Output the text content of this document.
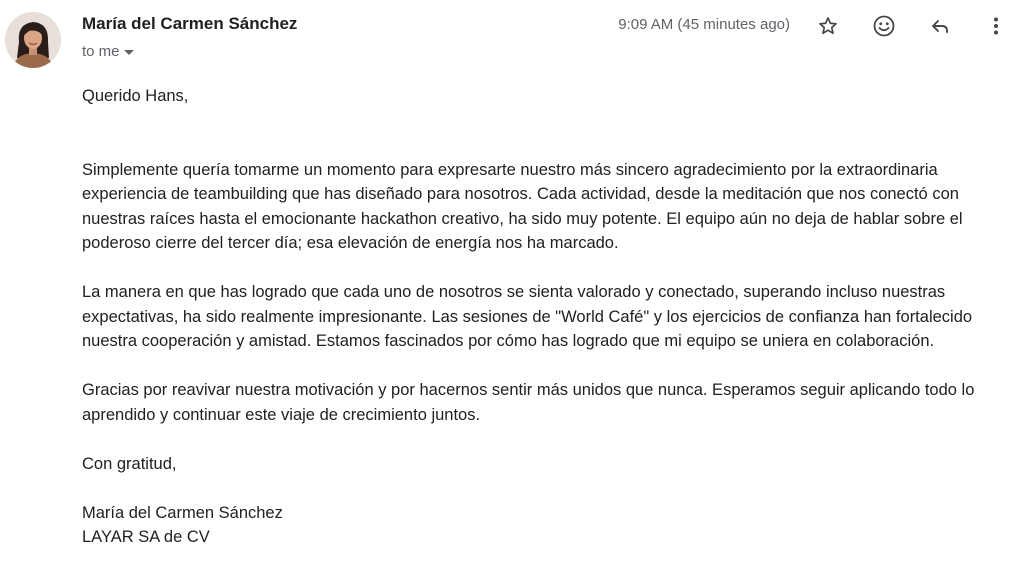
María del Carmen Sánchez
to me
9:09 AM (45 minutes ago)

Querido Hans,

Simplemente quería tomarme un momento para expresarte nuestro más sincero agradecimiento por la extraordinaria experiencia de teambuilding que has diseñado para nosotros. Cada actividad, desde la meditación que nos conectó con nuestras raíces hasta el emocionante hackathon creativo, ha sido muy potente. El equipo aún no deja de hablar sobre el poderoso cierre del tercer día; esa elevación de energía nos ha marcado.

La manera en que has logrado que cada uno de nosotros se sienta valorado y conectado, superando incluso nuestras expectativas, ha sido realmente impresionante. Las sesiones de "World Café" y los ejercicios de confianza han fortalecido nuestra cooperación y amistad. Estamos fascinados por cómo has logrado que mi equipo se uniera en colaboración.

Gracias por reavivar nuestra motivación y por hacernos sentir más unidos que nunca. Esperamos seguir aplicando todo lo aprendido y continuar este viaje de crecimiento juntos.

Con gratitud,

María del Carmen Sánchez

LAYAR SA de CV
